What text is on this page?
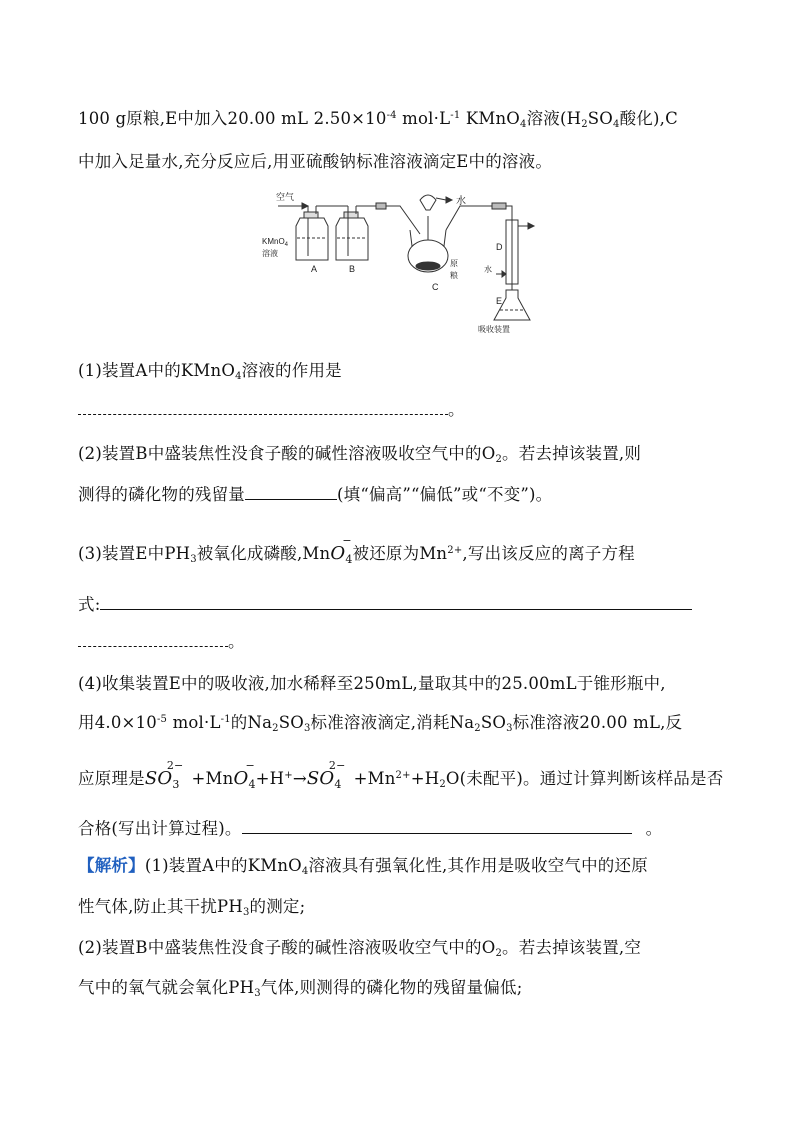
100 g原粮,E中加入20.00 mL $2.50\times 10^{-4}$ $mol\cdot L^{-1}$ KMnO$_4$溶液($H_2SO_4$酸化),C
中加入足量水,充分反应后,用亚硫酸钠标准溶液滴定E中的溶液。
空气	水
KMnO$_4$
溶液
A	B
C
D
E
原
粮
水
吸收装置
(1)装置A中的KMnO$_4$溶液的作用是
。
(2)装置B中盛装焦性没食子酸的碱性溶液吸收空气中的$O_2$。若去掉该装置,则
测得的磷化物的残留量	(填“偏高”“偏低”或“不变”)。
(3)装置E中$PH_3$被氧化成磷酸,MnO$_4$
−
被还原为$Mn^{2+}$,写出该反应的离子方程
式:
。
(4)收集装置E中的吸收液,加水稀释至250mL,量取其中的25.00mL于锥形瓶中,
用$4.0\times 10^{-5}$ $mol\cdot L^{-1}$的$Na_2SO_3$标准溶液滴定,消耗$Na_2SO_3$标准溶液20.00 mL,反
应原理是$SO_3$
2−
+MnO$_4$
−
$+H^+\to SO_4$
2−
$+Mn^{2+}+H_2O$(未配平)。通过计算判断该样品是否
合格(写出计算过程)。	。
【解析】(1)装置A中的KMnO$_4$溶液具有强氧化性,其作用是吸收空气中的还原
性气体,防止其干扰$PH_3$的测定;
(2)装置B中盛装焦性没食子酸的碱性溶液吸收空气中的$O_2$。若去掉该装置,空
气中的氧气就会氧化$PH_3$气体,则测得的磷化物的残留量偏低;
